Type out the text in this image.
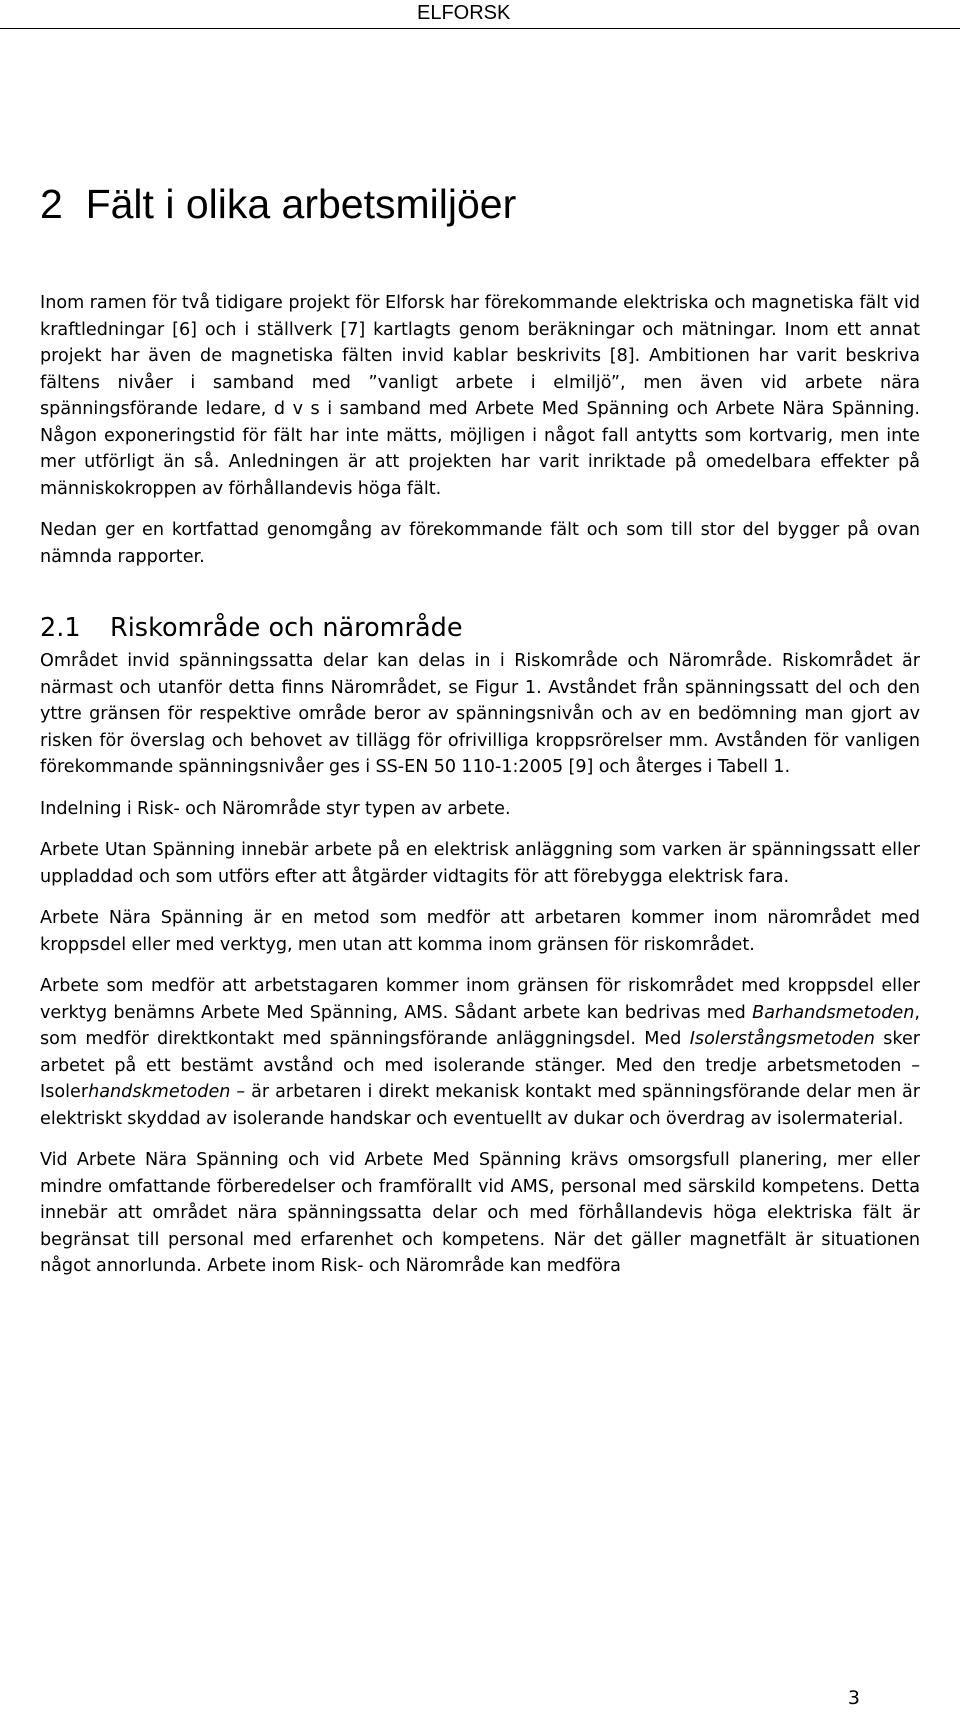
ELFORSK
2  Fält i olika arbetsmiljöer

Inom ramen för två tidigare projekt för Elforsk har förekommande elektriska och magnetiska fält vid kraftledningar [6] och i ställverk [7] kartlagts genom beräkningar och mätningar. Inom ett annat projekt har även de magnetiska fälten invid kablar beskrivits [8]. Ambitionen har varit beskriva fältens nivåer i samband med ”vanligt arbete i elmiljö”, men även vid arbete nära spänningsförande ledare, d v s i samband med Arbete Med Spänning och Arbete Nära Spänning. Någon exponeringstid för fält har inte mätts, möjligen i något fall antytts som kortvarig, men inte mer utförligt än så. Anledningen är att projekten har varit inriktade på omedelbara effekter på människokroppen av förhållandevis höga fält.

Nedan ger en kortfattad genomgång av förekommande fält och som till stor del bygger på ovan nämnda rapporter.

2.1 Riskområde och närområde

Området invid spänningssatta delar kan delas in i Riskområde och Närområde. Riskområdet är närmast och utanför detta finns Närområdet, se Figur 1. Avståndet från spänningssatt del och den yttre gränsen för respektive område beror av spänningsnivån och av en bedömning man gjort av risken för överslag och behovet av tillägg för ofrivilliga kroppsrörelser mm. Avstånden för vanligen förekommande spänningsnivåer ges i SS-EN 50 110-1:2005 [9] och återges i Tabell 1.

Indelning i Risk- och Närområde styr typen av arbete.

Arbete Utan Spänning innebär arbete på en elektrisk anläggning som varken är spänningssatt eller uppladdad och som utförs efter att åtgärder vidtagits för att förebygga elektrisk fara.

Arbete Nära Spänning är en metod som medför att arbetaren kommer inom närområdet med kroppsdel eller med verktyg, men utan att komma inom gränsen för riskområdet.

Arbete som medför att arbetstagaren kommer inom gränsen för riskområdet med kroppsdel eller verktyg benämns Arbete Med Spänning, AMS. Sådant arbete kan bedrivas med Barhandsmetoden, som medför direktkontakt med spänningsförande anläggningsdel. Med Isolerstångsmetoden sker arbetet på ett bestämt avstånd och med isolerande stänger. Med den tredje arbetsmetoden – Isolerhandskmetoden – är arbetaren i direkt mekanisk kontakt med spänningsförande delar men är elektriskt skyddad av isolerande handskar och eventuellt av dukar och överdrag av isolermaterial.

Vid Arbete Nära Spänning och vid Arbete Med Spänning krävs omsorgsfull planering, mer eller mindre omfattande förberedelser och framförallt vid AMS, personal med särskild kompetens. Detta innebär att området nära spänningssatta delar och med förhållandevis höga elektriska fält är begränsat till personal med erfarenhet och kompetens. När det gäller magnetfält är situationen något annorlunda. Arbete inom Risk- och Närområde kan medföra

3
